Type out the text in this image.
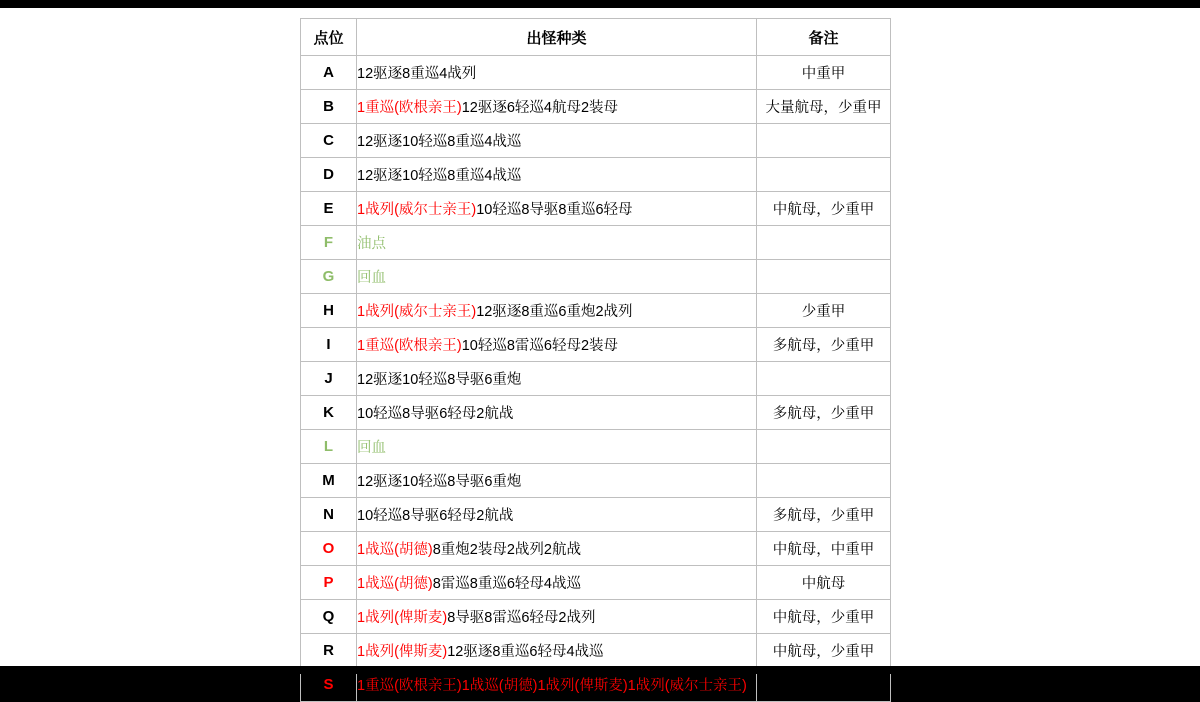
点位	出怪种类	备注
A	12驱逐8重巡4战列	中重甲
B	1重巡(欧根亲王)12驱逐6轻巡4航母2装母	大量航母，少重甲
C	12驱逐10轻巡8重巡4战巡	
D	12驱逐10轻巡8重巡4战巡	
E	1战列(威尔士亲王)10轻巡8导驱8重巡6轻母	中航母，少重甲
F	油点	
G	回血	
H	1战列(威尔士亲王)12驱逐8重巡6重炮2战列	少重甲
I	1重巡(欧根亲王)10轻巡8雷巡6轻母2装母	多航母，少重甲
J	12驱逐10轻巡8导驱6重炮	
K	10轻巡8导驱6轻母2航战	多航母，少重甲
L	回血	
M	12驱逐10轻巡8导驱6重炮	
N	10轻巡8导驱6轻母2航战	多航母，少重甲
O	1战巡(胡德)8重炮2装母2战列2航战	中航母，中重甲
P	1战巡(胡德)8雷巡8重巡6轻母4战巡	中航母
Q	1战列(俾斯麦)8导驱8雷巡6轻母2战列	中航母，少重甲
R	1战列(俾斯麦)12驱逐8重巡6轻母4战巡	中航母，少重甲
S	1重巡(欧根亲王)1战巡(胡德)1战列(俾斯麦)1战列(威尔士亲王)	少重甲
